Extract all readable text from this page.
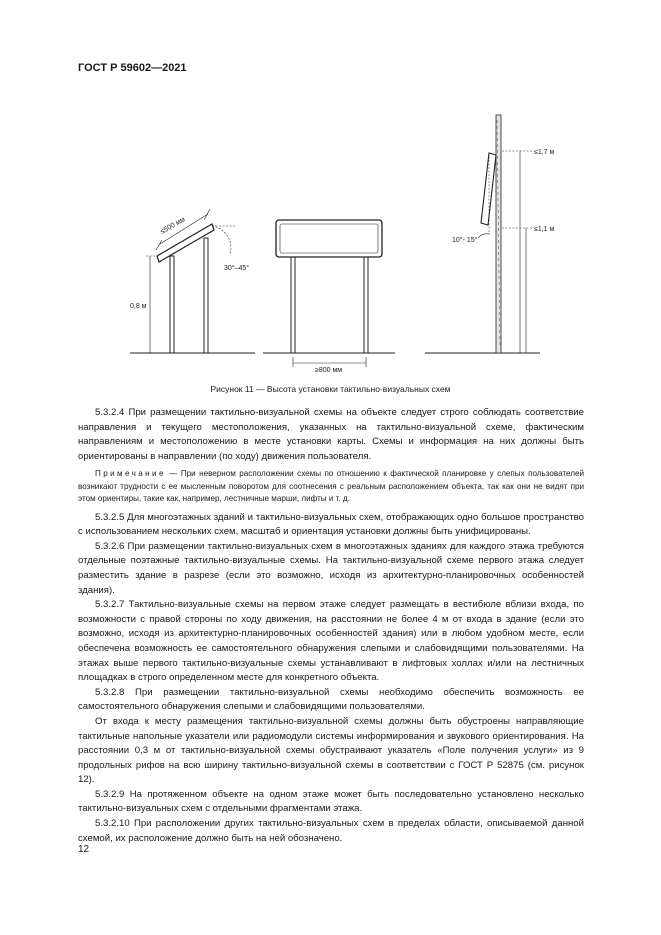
ГОСТ Р 59602—2021
≤500 мм
30°–45°
0,8 м
≥800 мм
≤1,7 м
≤1,1 м
10°- 15°
Рисунок 11 — Высота установки тактильно-визуальных схем

5.3.2.4 При размещении тактильно-визуальной схемы на объекте следует строго соблюдать соответствие направления и текущего местоположения, указанных на тактильно-визуальной схеме, фактическим направлениям и местоположению в месте установки карты. Схемы и информация на них должны быть ориентированы в направлении (по ходу) движения пользователя.

Примечание — При неверном расположении схемы по отношению к фактической планировке у слепых пользователей возникают трудности с ее мысленным поворотом для соотнесения с реальным расположением объекта, так как они не видят при этом ориентиры, такие как, например, лестничные марши, лифты и т. д.

5.3.2.5 Для многоэтажных зданий и тактильно-визуальных схем, отображающих одно большое пространство с использованием нескольких схем, масштаб и ориентация установки должны быть унифицированы.

5.3.2.6 При размещении тактильно-визуальных схем в многоэтажных зданиях для каждого этажа требуются отдельные поэтажные тактильно-визуальные схемы. На тактильно-визуальной схеме первого этажа следует разместить здание в разрезе (если это возможно, исходя из архитектурно-планировочных особенностей здания).

5.3.2.7 Тактильно-визуальные схемы на первом этаже следует размещать в вестибюле вблизи входа, по возможности с правой стороны по ходу движения, на расстоянии не более 4 м от входа в здание (если это возможно, исходя из архитектурно-планировочных особенностей здания) или в любом удобном месте, если обеспечена возможность ее самостоятельного обнаружения слепыми и слабовидящими пользователями. На этажах выше первого тактильно-визуальные схемы устанавливают в лифтовых холлах и/или на лестничных площадках в строго определенном месте для конкретного объекта.

5.3.2.8 При размещении тактильно-визуальной схемы необходимо обеспечить возможность ее самостоятельного обнаружения слепыми и слабовидящими пользователями.

От входа к месту размещения тактильно-визуальной схемы должны быть обустроены направляющие тактильные напольные указатели или радиомодули системы информирования и звукового ориентирования. На расстоянии 0,3 м от тактильно-визуальной схемы обустраивают указатель «Поле получения услуги» из 9 продольных рифов на всю ширину тактильно-визуальной схемы в соответствии с ГОСТ Р 52875 (см. рисунок 12).

5.3.2.9 На протяженном объекте на одном этаже может быть последовательно установлено несколько тактильно-визуальных схем с отдельными фрагментами этажа.

5.3.2.10 При расположении других тактильно-визуальных схем в пределах области, описываемой данной схемой, их расположение должно быть на ней обозначено.

12
